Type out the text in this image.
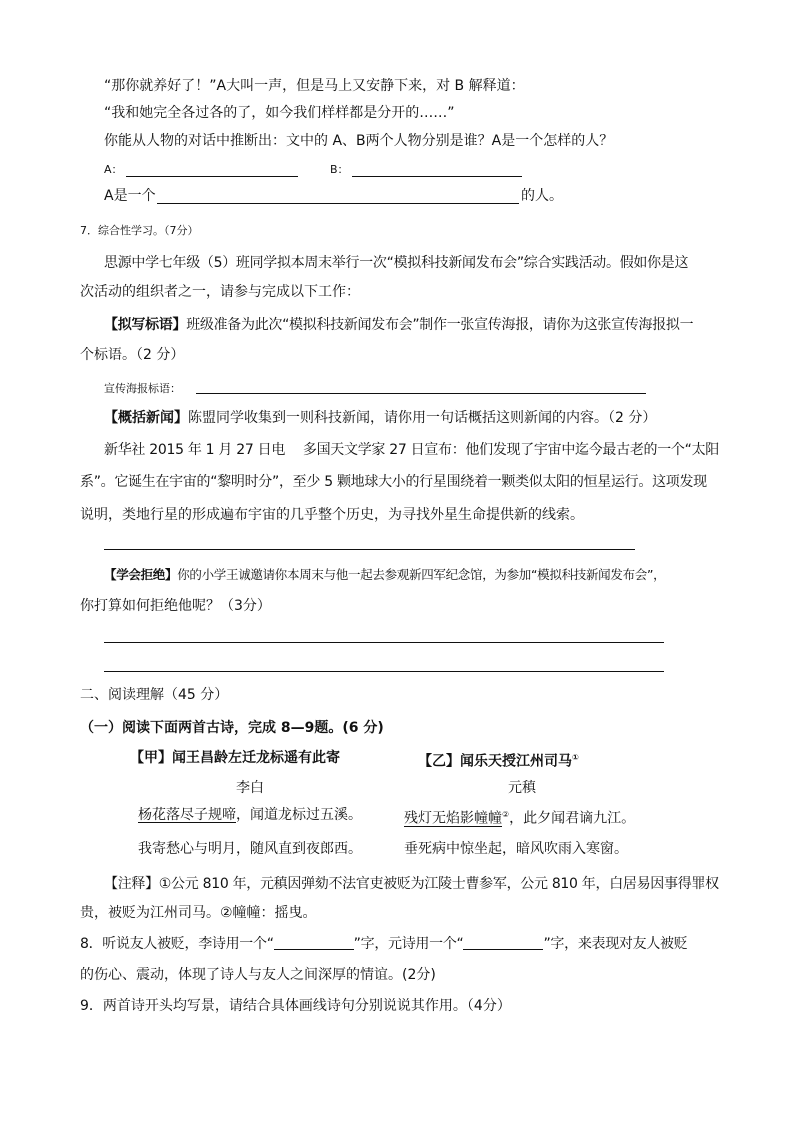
“那你就养好了！”A大叫一声，但是马上又安静下来，对 B 解释道：
“我和她完全各过各的了，如今我们样样都是分开的……”
你能从人物的对话中推断出：文中的 A、B两个人物分别是谁？A是一个怎样的人？
A：	B：
A是一个	的人。
7．综合性学习。（7分）
思源中学七年级（5）班同学拟本周末举行一次“模拟科技新闻发布会”综合实践活动。假如你是这
次活动的组织者之一，请参与完成以下工作：
【拟写标语】班级准备为此次“模拟科技新闻发布会”制作一张宣传海报，请你为这张宣传海报拟一
个标语。（2 分）
宣传海报标语：
【概括新闻】陈盟同学收集到一则科技新闻，请你用一句话概括这则新闻的内容。（2 分）
新华社 2015 年 1 月 27 日电　 多国天文学家 27 日宣布：他们发现了宇宙中迄今最古老的一个“太阳
系”。它诞生在宇宙的“黎明时分”，至少 5 颗地球大小的行星围绕着一颗类似太阳的恒星运行。这项发现
说明，类地行星的形成遍布宇宙的几乎整个历史，为寻找外星生命提供新的线索。
【学会拒绝】你的小学王诚邀请你本周末与他一起去参观新四军纪念馆，为参加“模拟科技新闻发布会”，
你打算如何拒绝他呢？（3分）
二、阅读理解（45 分）
（一）阅读下面两首古诗，完成 8—9题。(6 分)
【甲】闻王昌龄左迁龙标遥有此寄
李白
杨花落尽子规啼，闻道龙标过五溪。
我寄愁心与明月，随风直到夜郎西。
【乙】闻乐天授江州司马①
元稹
残灯无焰影幢幢②，此夕闻君谪九江。
垂死病中惊坐起，暗风吹雨入寒窗。
【注释】①公元 810 年，元稹因弹劾不法官吏被贬为江陵士曹参军，公元 810 年，白居易因事得罪权
贵，被贬为江州司马。②幢幢：摇曳。
8．听说友人被贬，李诗用一个“	”字，元诗用一个“	”字，来表现对友人被贬
的伤心、震动，体现了诗人与友人之间深厚的情谊。(2分)
9．两首诗开头均写景，请结合具体画线诗句分别说说其作用。（4分）
